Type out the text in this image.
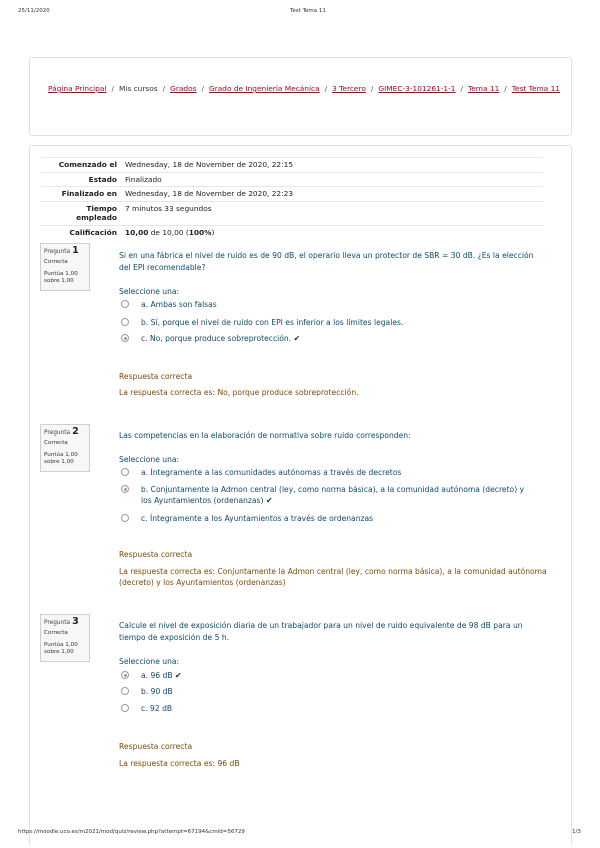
25/11/2020	Test Tema 11
Página Principal / Mis cursos / Grados / Grado de Ingeniería Mecánica / 3 Tercero / GIMEC-3-101261-1-1 / Tema 11 / Test Tema 11
Comenzado el	Wednesday, 18 de November de 2020, 22:15
Estado	Finalizado
Finalizado en	Wednesday, 18 de November de 2020, 22:23
Tiempo empleado	7 minutos 33 segundos
Calificación	10,00 de 10,00 (100%)
Pregunta 1
Correcta
Puntúa 1,00 sobre 1,00
Si en una fábrica el nivel de ruido es de 90 dB, el operario lleva un protector de SBR = 30 dB. ¿Es la elección del EPI recomendable?
Seleccione una:
a. Ambas son falsas
b. Sí, porque el nivel de ruido con EPI es inferior a los límites legales.
c. No, porque produce sobreprotección. ✔
Respuesta correcta
La respuesta correcta es: No, porque produce sobreprotección.
Pregunta 2
Correcta
Puntúa 1,00 sobre 1,00
Las competencias en la elaboración de normativa sobre ruido corresponden:
Seleccione una:
a. Íntegramente a las comunidades autónomas a través de decretos
b. Conjuntamente la Admon central (ley, como norma básica), a la comunidad autónoma (decreto) y los Ayuntamientos (ordenanzas) ✔
c. Íntegramente a los Ayuntamientos a través de ordenanzas
Respuesta correcta
La respuesta correcta es: Conjuntamente la Admon central (ley, como norma básica), a la comunidad autónoma (decreto) y los Ayuntamientos (ordenanzas)
Pregunta 3
Correcta
Puntúa 1,00 sobre 1,00
Calcule el nivel de exposición diaria de un trabajador para un nivel de ruido equivalente de 98 dB para un tiempo de exposición de 5 h.
Seleccione una:
a. 96 dB ✔
b. 90 dB
c. 92 dB
Respuesta correcta
La respuesta correcta es: 96 dB
https://moodle.uco.es/m2021/mod/quiz/review.php?attempt=67194&cmid=56729	1/3
